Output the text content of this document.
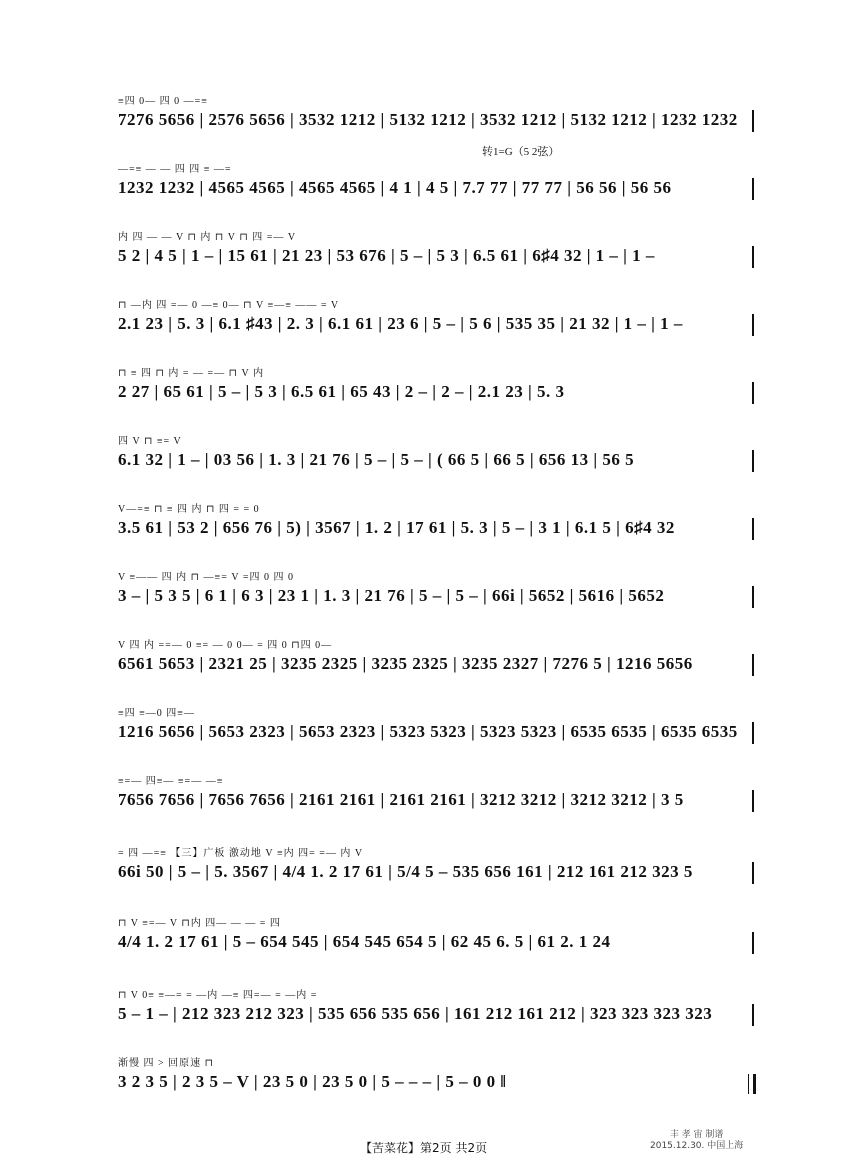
转1=G（5 2弦）
≡四 0— 四 0 —=≡
7276 5656 | 2576 5656 | 3532 1212 | 5132 1212 | 3532 1212 | 5132 1212 | 1232 1232
—=≡ — — 四 四 ≡ —=
1232 1232 | 4565 4565 | 4565 4565 | 4 1 | 4 5 | 7.7 77 | 77 77 | 56 56 | 56 56
内 四 — — V ⊓ 内 ⊓ V ⊓ 四 =— V
5 2 | 4 5 | 1 – | 15 61 | 21 23 | 53 676 | 5 – | 5 3 | 6.5 61 | 6♯4 32 | 1 – | 1 –
⊓ —内 四 =— 0 —≡ 0— ⊓ V ≡—≡ —— = V
2.1 23 | 5. 3 | 6.1 ♯43 | 2. 3 | 6.1 61 | 23 6 | 5 – | 5 6 | 535 35 | 21 32 | 1 – | 1 –
⊓ ≡ 四 ⊓ 内 = — =— ⊓ V 内
2 27 | 65 61 | 5 – | 5 3 | 6.5 61 | 65 43 | 2 – | 2 – | 2.1 23 | 5. 3
四 V ⊓ ≡= V
6.1 32 | 1 – | 03 56 | 1. 3 | 21 76 | 5 – | 5 – | ( 66 5 | 66 5 | 656 13 | 56 5
V—=≡ ⊓ ≡ 四 内 ⊓ 四 = = 0
3.5 61 | 53 2 | 656 76 | 5) | 3567 | 1. 2 | 17 61 | 5. 3 | 5 – | 3 1 | 6.1 5 | 6♯4 32
V ≡—— 四 内 ⊓ —≡= V =四 0 四 0
3 – | 5 3 5 | 6 1 | 6 3 | 23 1 | 1. 3 | 21 76 | 5 – | 5 – | 66i | 5652 | 5616 | 5652
V 四 内 ==— 0 ≡= — 0 0— = 四 0 ⊓四 0—
6561 5653 | 2321 25 | 3235 2325 | 3235 2325 | 3235 2327 | 7276 5 | 1216 5656
≡四 ≡—0 四≡—
1216 5656 | 5653 2323 | 5653 2323 | 5323 5323 | 5323 5323 | 6535 6535 | 6535 6535
≡=— 四≡— ≡=— —≡
7656 7656 | 7656 7656 | 2161 2161 | 2161 2161 | 3212 3212 | 3212 3212 | 3 5
= 四 —=≡ 【三】广板 激动地 V ≡内 四= =— 内 V
66i 50 | 5 – | 5. 3567 | 4/4 1. 2 17 61 | 5/4 5 – 535 656 161 | 212 161 212 323 5
⊓ V ≡=— V ⊓内 四— — — = 四
4/4 1. 2 17 61 | 5 – 654 545 | 654 545 654 5 | 62 45 6. 5 | 61 2. 1 24
⊓ V 0≡ ≡—= = —内 —≡ 四=— = —内 =
5 – 1 – | 212 323 212 323 | 535 656 535 656 | 161 212 161 212 | 323 323 323 323
渐慢 四 > 回原速 ⊓
3 2 3 5 | 2 3 5 – V | 23 5 0 | 23 5 0 | 5 – – – | 5 – 0 0 ‖
【苦菜花】第2页 共2页
丰 孝 宙 制谱
2015.12.30. 中国上海
